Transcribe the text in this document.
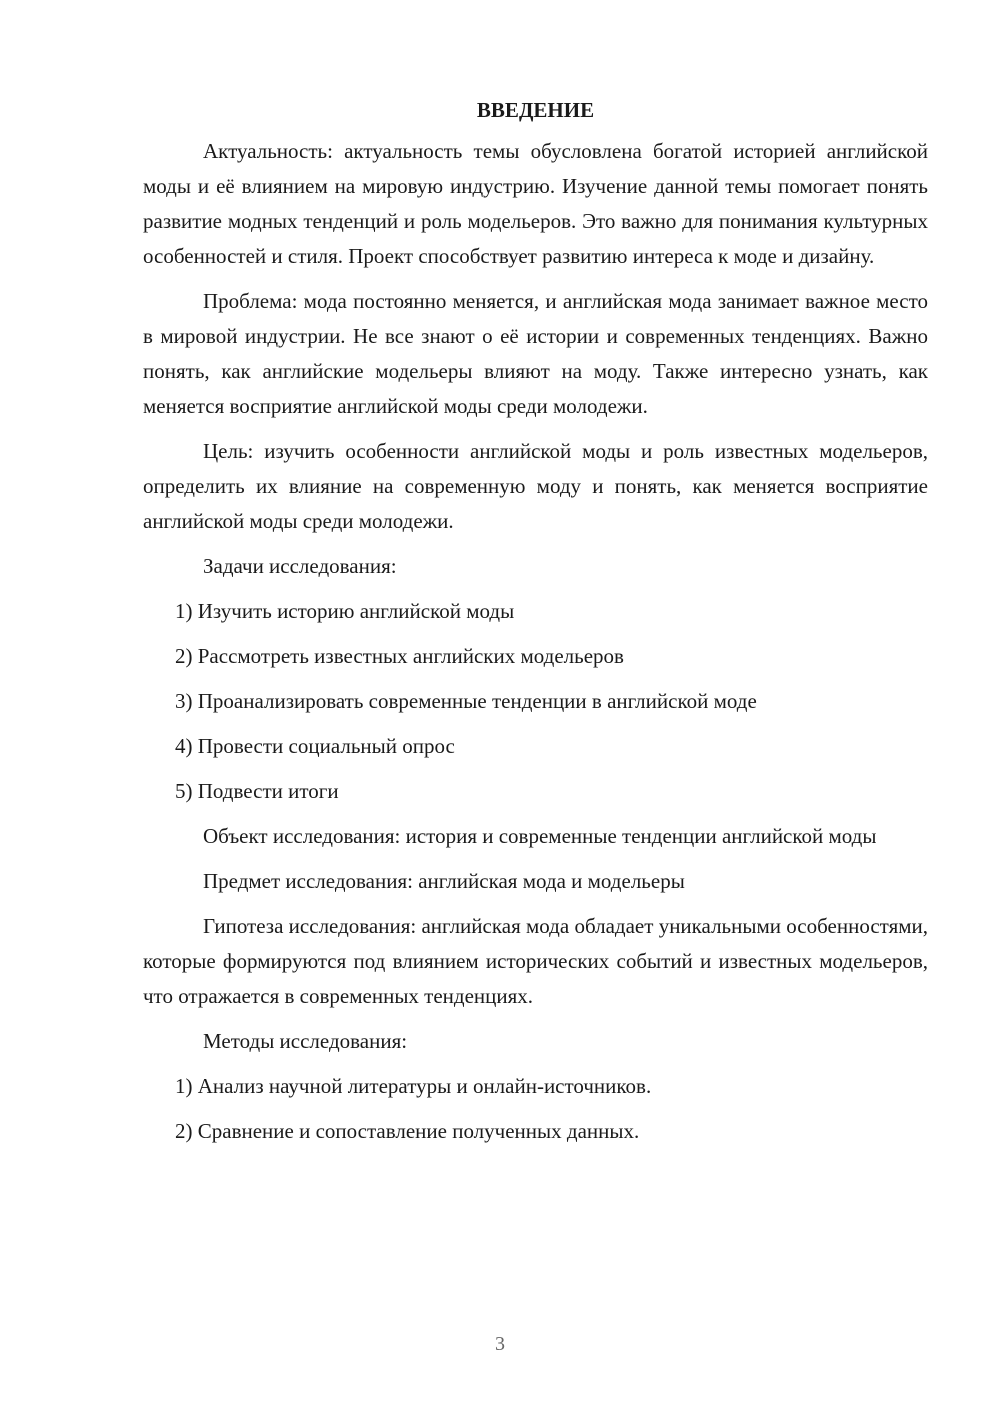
ВВЕДЕНИЕ

Актуальность: актуальность темы обусловлена богатой историей английской моды и её влиянием на мировую индустрию. Изучение данной темы помогает понять развитие модных тенденций и роль модельеров. Это важно для понимания культурных особенностей и стиля. Проект способствует развитию интереса к моде и дизайну.

Проблема: мода постоянно меняется, и английская мода занимает важное место в мировой индустрии. Не все знают о её истории и современных тенденциях. Важно понять, как английские модельеры влияют на моду. Также интересно узнать, как меняется восприятие английской моды среди молодежи.

Цель: изучить особенности английской моды и роль известных модельеров, определить их влияние на современную моду и понять, как меняется восприятие английской моды среди молодежи.

Задачи исследования:

1) Изучить историю английской моды

2) Рассмотреть известных английских модельеров

3) Проанализировать современные тенденции в английской моде

4) Провести социальный опрос

5) Подвести итоги

Объект исследования: история и современные тенденции английской моды

Предмет исследования: английская мода и модельеры

Гипотеза исследования: английская мода обладает уникальными особенностями, которые формируются под влиянием исторических событий и известных модельеров, что отражается в современных тенденциях.

Методы исследования:

1) Анализ научной литературы и онлайн-источников.

2) Сравнение и сопоставление полученных данных.

3
